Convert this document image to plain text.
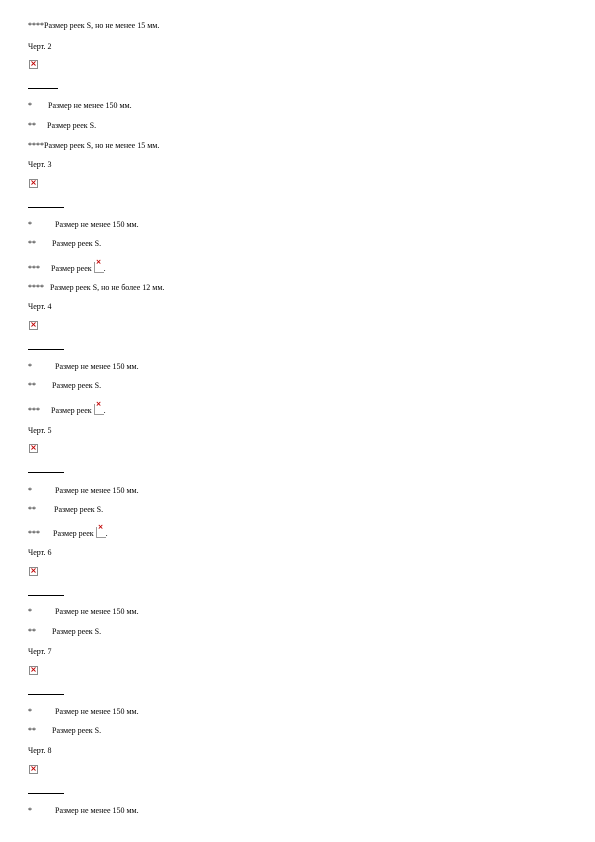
****Размер реек S, но не менее 15 мм.
Черт. 2
×
* Размер не менее 150 мм.
** Размер реек S.
****Размер реек S, но не менее 15 мм.
Черт. 3
×
*	Размер не менее 150 мм.
** Размер реек S.
*** Размер реек × .
**** Размер реек S, но не более 12 мм.
Черт. 4
×
*	Размер не менее 150 мм.
** Размер реек S.
*** Размер реек × .
Черт. 5
×
*	Размер не менее 150 мм.
** Размер реек S.
*** Размер реек × .
Черт. 6
×
*	Размер не менее 150 мм.
** Размер реек S.
Черт. 7
×
*	Размер не менее 150 мм.
** Размер реек S.
Черт. 8
×
*	Размер не менее 150 мм.
